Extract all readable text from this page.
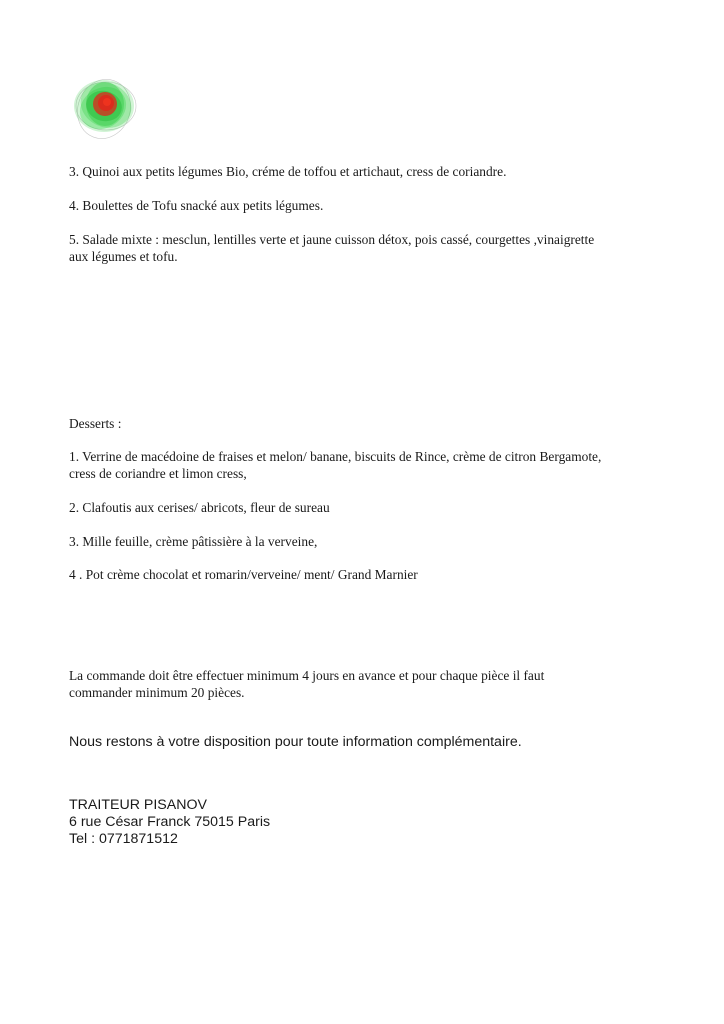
3. Quinoi aux petits légumes Bio, créme de toffou et artichaut, cress de coriandre.

4. Boulettes de Tofu snacké aux petits légumes.

5. Salade mixte : mesclun, lentilles verte et jaune cuisson détox, pois cassé, courgettes ,vinaigrette
aux légumes et tofu.

Desserts :

1. Verrine de macédoine de fraises et melon/ banane, biscuits de Rince, crème de citron Bergamote,
cress de coriandre et limon cress,

2. Clafoutis aux cerises/ abricots, fleur de sureau

3. Mille feuille, crème pâtissière à la verveine,

4 . Pot crème chocolat et romarin/verveine/ ment/ Grand Marnier

La commande doit être effectuer minimum 4 jours en avance et pour chaque pièce il faut
commander minimum 20 pièces.

Nous restons à votre disposition pour toute information complémentaire.

TRAITEUR PISANOV
6 rue César Franck 75015 Paris
Tel : 0771871512
